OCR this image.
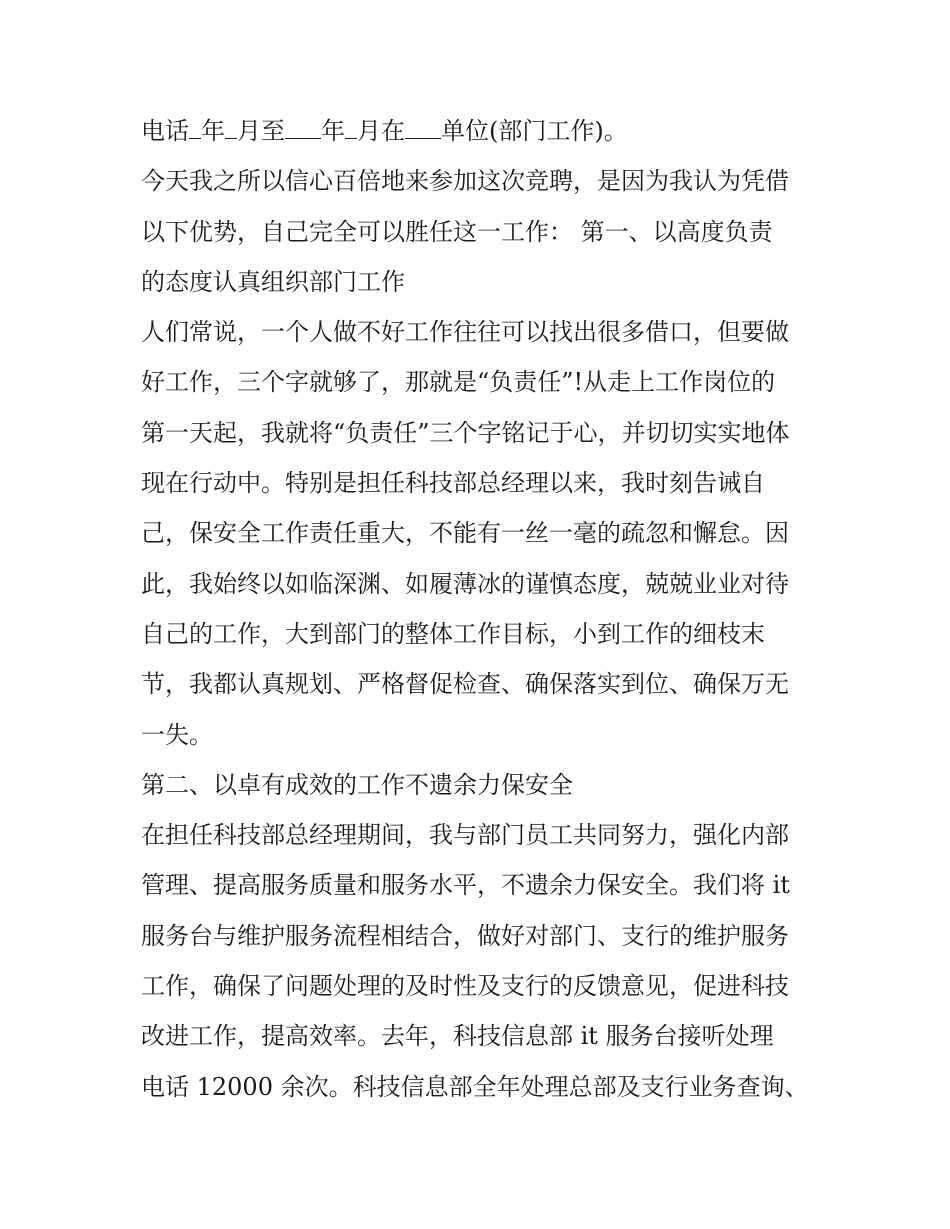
电话 年 月至 年 月在 单位(部门工作)。
今天我之所以信心百倍地来参加这次竞聘，是因为我认为凭借
以下优势，自己完全可以胜任这一工作： 第一、以高度负责
的态度认真组织部门工作
人们常说，一个人做不好工作往往可以找出很多借口，但要做
好工作，三个字就够了，那就是“负责任”!从走上工作岗位的
第一天起，我就将“负责任”三个字铭记于心，并切切实实地体
现在行动中。特别是担任科技部总经理以来，我时刻告诫自
己，保安全工作责任重大，不能有一丝一毫的疏忽和懈怠。因
此，我始终以如临深渊、如履薄冰的谨慎态度，兢兢业业对待
自己的工作，大到部门的整体工作目标，小到工作的细枝末
节，我都认真规划、严格督促检查、确保落实到位、确保万无
一失。
第二、以卓有成效的工作不遗余力保安全
在担任科技部总经理期间，我与部门员工共同努力，强化内部
管理、提高服务质量和服务水平，不遗余力保安全。我们将 it
服务台与维护服务流程相结合，做好对部门、支行的维护服务
工作，确保了问题处理的及时性及支行的反馈意见，促进科技
改进工作，提高效率。去年，科技信息部 it 服务台接听处理
电话 12000 余次。科技信息部全年处理总部及支行业务查询、
